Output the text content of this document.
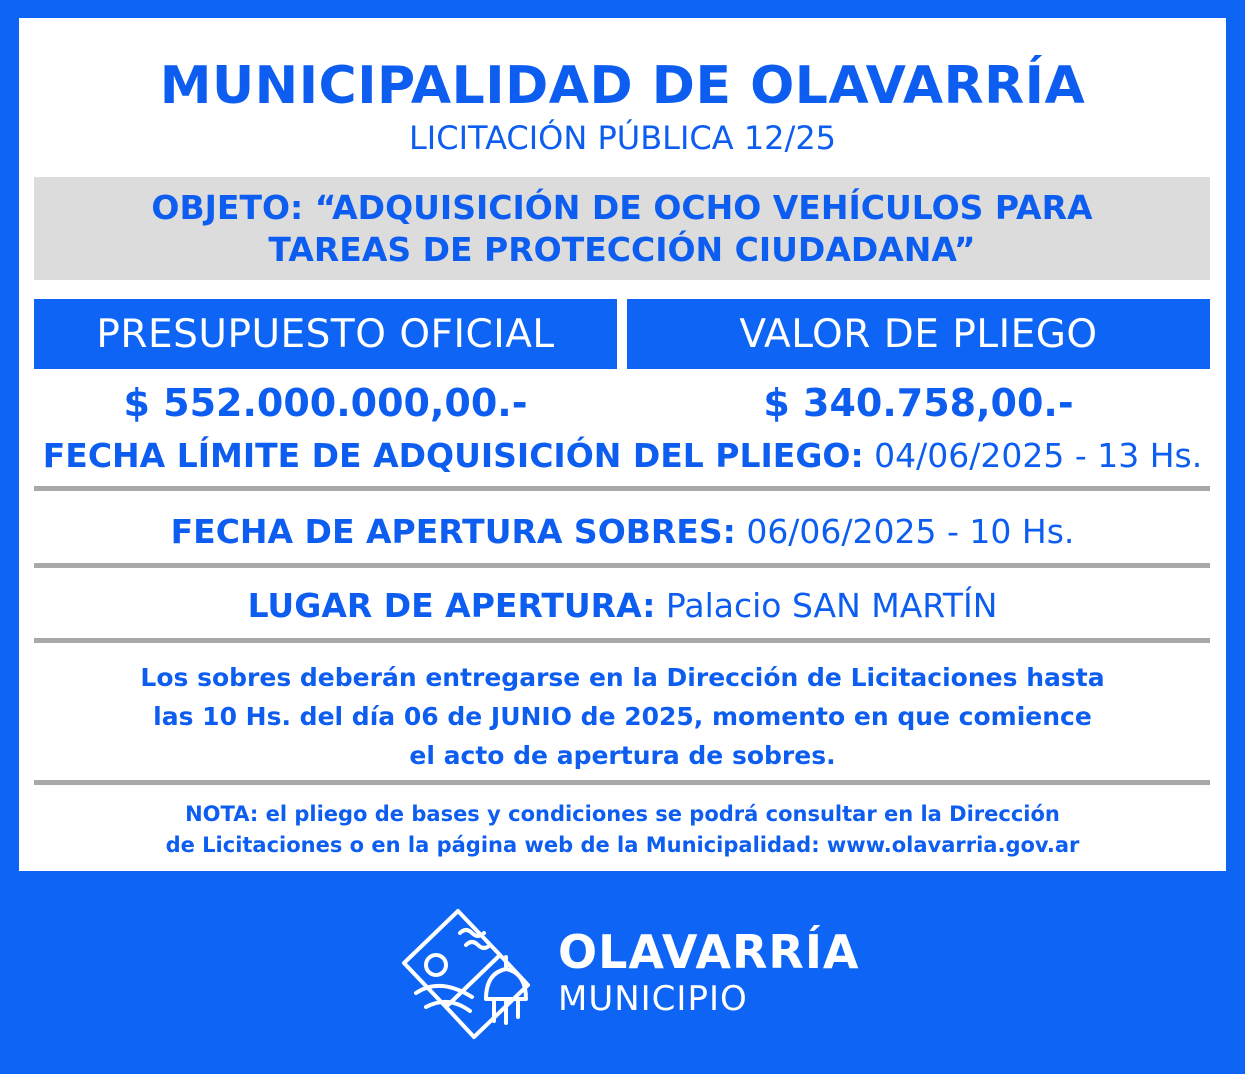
MUNICIPALIDAD DE OLAVARRÍA
LICITACIÓN PÚBLICA 12/25
OBJETO: “ADQUISICIÓN DE OCHO VEHÍCULOS PARA
TAREAS DE PROTECCIÓN CIUDADANA”
PRESUPUESTO OFICIAL	VALOR DE PLIEGO
$ 552.000.000,00.-	$ 340.758,00.-
FECHA LÍMITE DE ADQUISICIÓN DEL PLIEGO: 04/06/2025 - 13 Hs.
FECHA DE APERTURA SOBRES: 06/06/2025 - 10 Hs.
LUGAR DE APERTURA: Palacio SAN MARTÍN
Los sobres deberán entregarse en la Dirección de Licitaciones hasta
las 10 Hs. del día 06 de JUNIO de 2025, momento en que comience
el acto de apertura de sobres.
NOTA: el pliego de bases y condiciones se podrá consultar en la Dirección
de Licitaciones o en la página web de la Municipalidad: www.olavarria.gov.ar
OLAVARRÍA
MUNICIPIO
